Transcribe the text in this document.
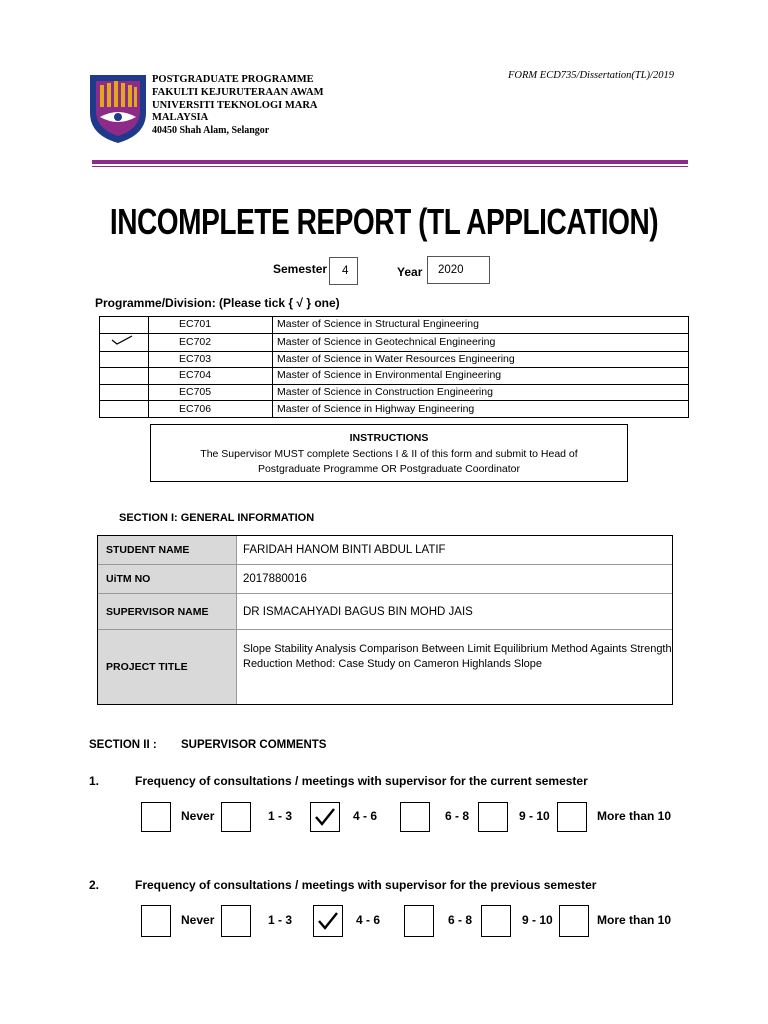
POSTGRADUATE PROGRAMME
FAKULTI KEJURUTERAAN AWAM
UNIVERSITI TEKNOLOGI MARA
MALAYSIA
40450 Shah Alam, Selangor
FORM ECD735/Dissertation(TL)/2019
INCOMPLETE REPORT (TL APPLICATION)
Semester	4	Year	2020
Programme/Division: (Please tick { √ } one)
	EC701	Master of Science in Structural Engineering
	EC702	Master of Science in Geotechnical Engineering
	EC703	Master of Science in Water Resources Engineering
	EC704	Master of Science in Environmental Engineering
	EC705	Master of Science in Construction Engineering
	EC706	Master of Science in Highway Engineering
INSTRUCTIONS
The Supervisor MUST complete Sections I & II of this form and submit to Head of
Postgraduate Programme OR Postgraduate Coordinator
SECTION I: GENERAL INFORMATION
STUDENT NAME	FARIDAH HANOM BINTI ABDUL LATIF
UiTM NO	2017880016
SUPERVISOR NAME	DR ISMACAHYADI BAGUS BIN MOHD JAIS
PROJECT TITLE
Slope Stability Analysis Comparison Between Limit Equilibrium Method Againts Strength Reduction Method: Case Study on Cameron Highlands Slope
SECTION II : SUPERVISOR COMMENTS
1.	Frequency of consultations / meetings with supervisor for the current semester
Never	1 - 3	4 - 6	6 - 8	9 - 10	More than 10
2.	Frequency of consultations / meetings with supervisor for the previous semester
Never	1 - 3	4 - 6	6 - 8	9 - 10	More than 10
